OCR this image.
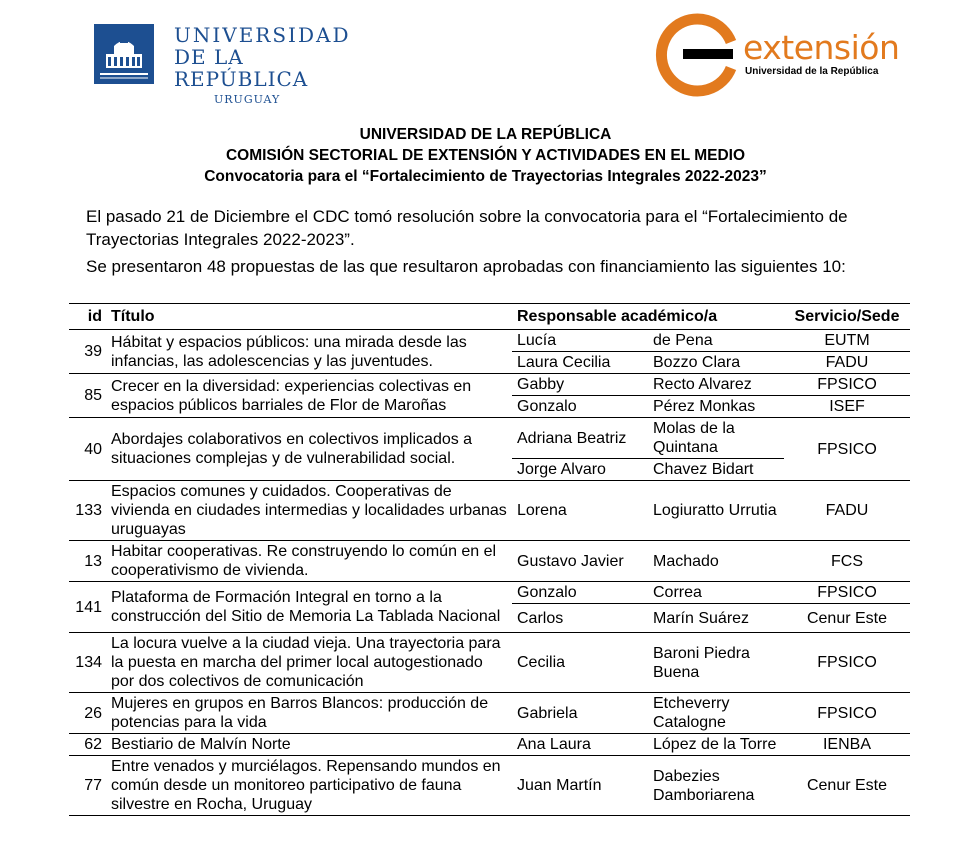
UNIVERSIDAD
DE LA REPÚBLICA
URUGUAY
extensión
Universidad de la República
UNIVERSIDAD DE LA REPÚBLICA
COMISIÓN SECTORIAL DE EXTENSIÓN Y ACTIVIDADES EN EL MEDIO
Convocatoria para el “Fortalecimiento de Trayectorias Integrales 2022-2023”

El pasado 21 de Diciembre el CDC tomó resolución sobre la convocatoria para el “Fortalecimiento de Trayectorias Integrales 2022-2023”.

Se presentaron 48 propuestas de las que resultaron aprobadas con financiamiento las siguientes 10:

id	Título	Responsable académico/a		Servicio/Sede
39	Hábitat y espacios públicos: una mirada desde las infancias, las adolescencias y las juventudes.	Lucía	de Pena	EUTM
		Laura Cecilia	Bozzo Clara	FADU
85	Crecer en la diversidad: experiencias colectivas en espacios públicos barriales de Flor de Maroñas	Gabby	Recto Alvarez	FPSICO
		Gonzalo	Pérez Monkas	ISEF
40	Abordajes colaborativos en colectivos implicados a situaciones complejas y de vulnerabilidad social.	Adriana Beatriz	Molas de la Quintana	FPSICO
		Jorge Alvaro	Chavez Bidart	
133	Espacios comunes y cuidados. Cooperativas de vivienda en ciudades intermedias y localidades urbanas uruguayas	Lorena	Logiuratto Urrutia	FADU
13	Habitar cooperativas. Re construyendo lo común en el cooperativismo de vivienda.	Gustavo Javier	Machado	FCS
141	Plataforma de Formación Integral en torno a la construcción del Sitio de Memoria La Tablada Nacional	Gonzalo	Correa	FPSICO
		Carlos	Marín Suárez	Cenur Este
134	La locura vuelve a la ciudad vieja. Una trayectoria para la puesta en marcha del primer local autogestionado por dos colectivos de comunicación	Cecilia	Baroni Piedra Buena	FPSICO
26	Mujeres en grupos en Barros Blancos: producción de potencias para la vida	Gabriela	Etcheverry Catalogne	FPSICO
62	Bestiario de Malvín Norte	Ana Laura	López de la Torre	IENBA
77	Entre venados y murciélagos. Repensando mundos en común desde un monitoreo participativo de fauna silvestre en Rocha, Uruguay	Juan Martín	Dabezies Damboriarena	Cenur Este
